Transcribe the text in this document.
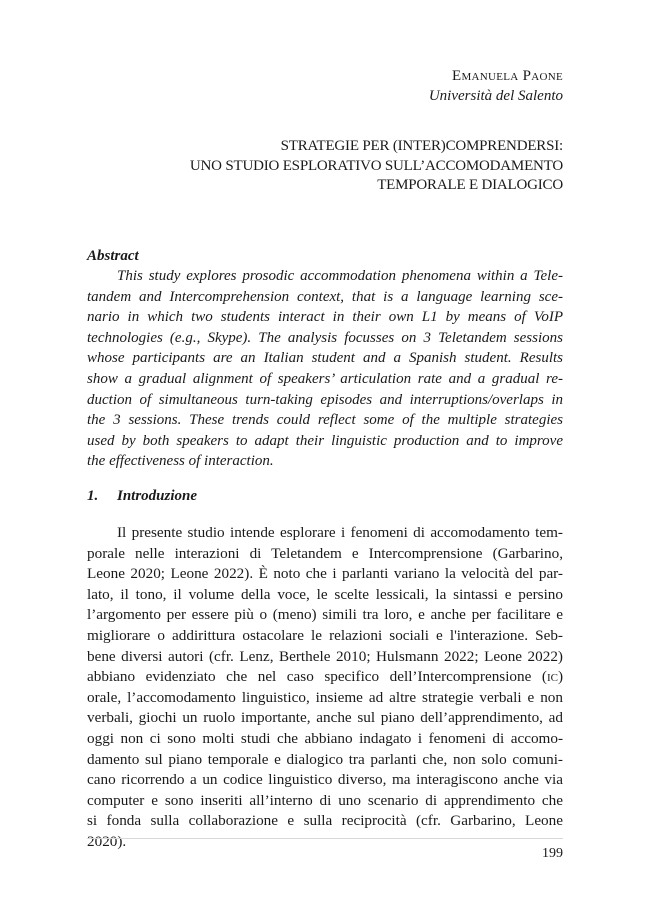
Emanuela Paone
Università del Salento
STRATEGIE PER (INTER)COMPRENDERSI:
UNO STUDIO ESPLORATIVO SULL’ACCOMODAMENTO
TEMPORALE E DIALOGICO
Abstract
This study explores prosodic accommodation phenomena within a Tele-
tandem and Intercomprehension context, that is a language learning sce-
nario in which two students interact in their own L1 by means of VoIP
technologies (e.g., Skype). The analysis focusses on 3 Teletandem sessions
whose participants are an Italian student and a Spanish student. Results
show a gradual alignment of speakers’ articulation rate and a gradual re-
duction of simultaneous turn-taking episodes and interruptions/overlaps in
the 3 sessions. These trends could reflect some of the multiple strategies
used by both speakers to adapt their linguistic production and to improve
the effectiveness of interaction.
1. Introduzione
Il presente studio intende esplorare i fenomeni di accomodamento tem-
porale nelle interazioni di Teletandem e Intercomprensione (Garbarino,
Leone 2020; Leone 2022). È noto che i parlanti variano la velocità del par-
lato, il tono, il volume della voce, le scelte lessicali, la sintassi e persino
l’argomento per essere più o (meno) simili tra loro, e anche per facilitare e
migliorare o addirittura ostacolare le relazioni sociali e l'interazione. Seb-
bene diversi autori (cfr. Lenz, Berthele 2010; Hulsmann 2022; Leone 2022)
abbiano evidenziato che nel caso specifico dell’Intercomprensione (ic)
orale, l’accomodamento linguistico, insieme ad altre strategie verbali e non
verbali, giochi un ruolo importante, anche sul piano dell’apprendimento, ad
oggi non ci sono molti studi che abbiano indagato i fenomeni di accomo-
damento sul piano temporale e dialogico tra parlanti che, non solo comuni-
cano ricorrendo a un codice linguistico diverso, ma interagiscono anche via
computer e sono inseriti all’interno di uno scenario di apprendimento che
si fonda sulla collaborazione e sulla reciprocità (cfr. Garbarino, Leone
2020).
199
